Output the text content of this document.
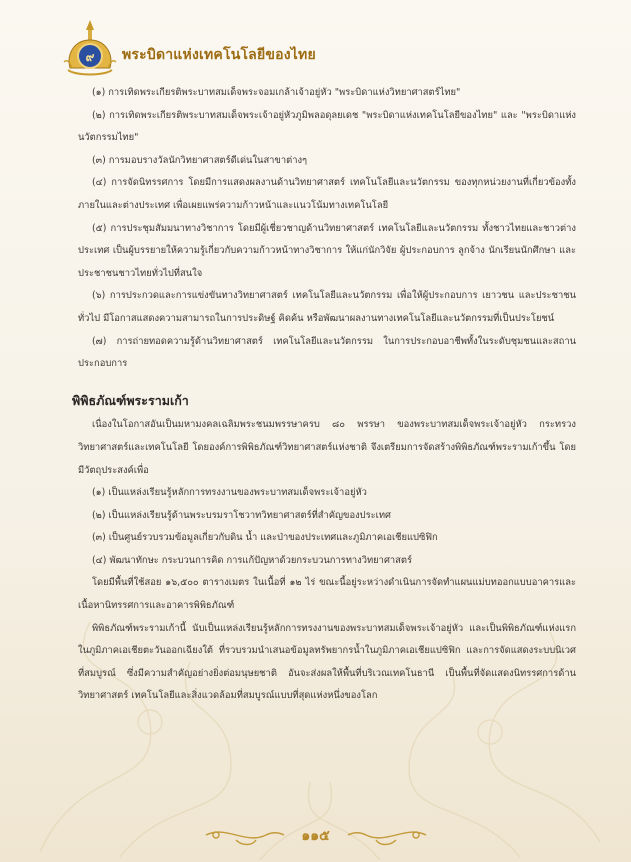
๙ พระบิดาแห่งเทคโนโลยีของไทย

(๑) การเทิดพระเกียรติพระบาทสมเด็จพระจอมเกล้าเจ้าอยู่หัว "พระบิดาแห่งวิทยาศาสตร์ไทย"

(๒) การเทิดพระเกียรติพระบาทสมเด็จพระเจ้าอยู่หัวภูมิพลอดุลยเดช "พระบิดาแห่งเทคโนโลยีของไทย" และ "พระบิดาแห่งนวัตกรรมไทย"

(๓) การมอบรางวัลนักวิทยาศาสตร์ดีเด่นในสาขาต่างๆ

(๔) การจัดนิทรรศการ โดยมีการแสดงผลงานด้านวิทยาศาสตร์ เทคโนโลยีและนวัตกรรม ของทุกหน่วยงานที่เกี่ยวข้องทั้งภายในและต่างประเทศ เพื่อเผยแพร่ความก้าวหน้าและแนวโน้มทางเทคโนโลยี

(๕) การประชุมสัมมนาทางวิชาการ โดยมีผู้เชี่ยวชาญด้านวิทยาศาสตร์ เทคโนโลยีและนวัตกรรม ทั้งชาวไทยและชาวต่างประเทศ เป็นผู้บรรยายให้ความรู้เกี่ยวกับความก้าวหน้าทางวิชาการ ให้แก่นักวิจัย ผู้ประกอบการ ลูกจ้าง นักเรียนนักศึกษา และประชาชนชาวไทยทั่วไปที่สนใจ

(๖) การประกวดและการแข่งขันทางวิทยาศาสตร์ เทคโนโลยีและนวัตกรรม เพื่อให้ผู้ประกอบการ เยาวชน และประชาชนทั่วไป มีโอกาสแสดงความสามารถในการประดิษฐ์ คิดค้น หรือพัฒนาผลงานทางเทคโนโลยีและนวัตกรรมที่เป็นประโยชน์

(๗) การถ่ายทอดความรู้ด้านวิทยาศาสตร์ เทคโนโลยีและนวัตกรรม ในการประกอบอาชีพทั้งในระดับชุมชนและสถานประกอบการ

พิพิธภัณฑ์พระรามเก้า

เนื่องในโอกาสอันเป็นมหามงคลเฉลิมพระชนมพรรษาครบ ๘๐ พรรษา ของพระบาทสมเด็จพระเจ้าอยู่หัว กระทรวงวิทยาศาสตร์และเทคโนโลยี โดยองค์การพิพิธภัณฑ์วิทยาศาสตร์แห่งชาติ จึงเตรียมการจัดสร้างพิพิธภัณฑ์พระรามเก้าขึ้น โดยมีวัตถุประสงค์เพื่อ

(๑) เป็นแหล่งเรียนรู้หลักการทรงงานของพระบาทสมเด็จพระเจ้าอยู่หัว

(๒) เป็นแหล่งเรียนรู้ด้านพระบรมราโชวาทวิทยาศาสตร์ที่สำคัญของประเทศ

(๓) เป็นศูนย์รวบรวมข้อมูลเกี่ยวกับดิน น้ำ และป่าของประเทศและภูมิภาคเอเชียแปซิฟิก

(๔) พัฒนาทักษะ กระบวนการคิด การแก้ปัญหาด้วยกระบวนการทางวิทยาศาสตร์

โดยมีพื้นที่ใช้สอย ๑๖,๕๐๐ ตารางเมตร ในเนื้อที่ ๑๒ ไร่ ขณะนี้อยู่ระหว่างดำเนินการจัดทำแผนแม่บทออกแบบอาคารและเนื้อหานิทรรศการและอาคารพิพิธภัณฑ์

พิพิธภัณฑ์พระรามเก้านี้ นับเป็นแหล่งเรียนรู้หลักการทรงงานของพระบาทสมเด็จพระเจ้าอยู่หัว และเป็นพิพิธภัณฑ์แห่งแรกในภูมิภาคเอเชียตะวันออกเฉียงใต้ ที่รวบรวมนำเสนอข้อมูลทรัพยากรน้ำในภูมิภาคเอเชียแปซิฟิก และการจัดแสดงระบบนิเวศที่สมบูรณ์ ซึ่งมีความสำคัญอย่างยิ่งต่อมนุษยชาติ อันจะส่งผลให้พื้นที่บริเวณเทคโนธานี เป็นพื้นที่จัดแสดงนิทรรศการด้านวิทยาศาสตร์ เทคโนโลยีและสิ่งแวดล้อมที่สมบูรณ์แบบที่สุดแห่งหนึ่งของโลก

๑๑๕
